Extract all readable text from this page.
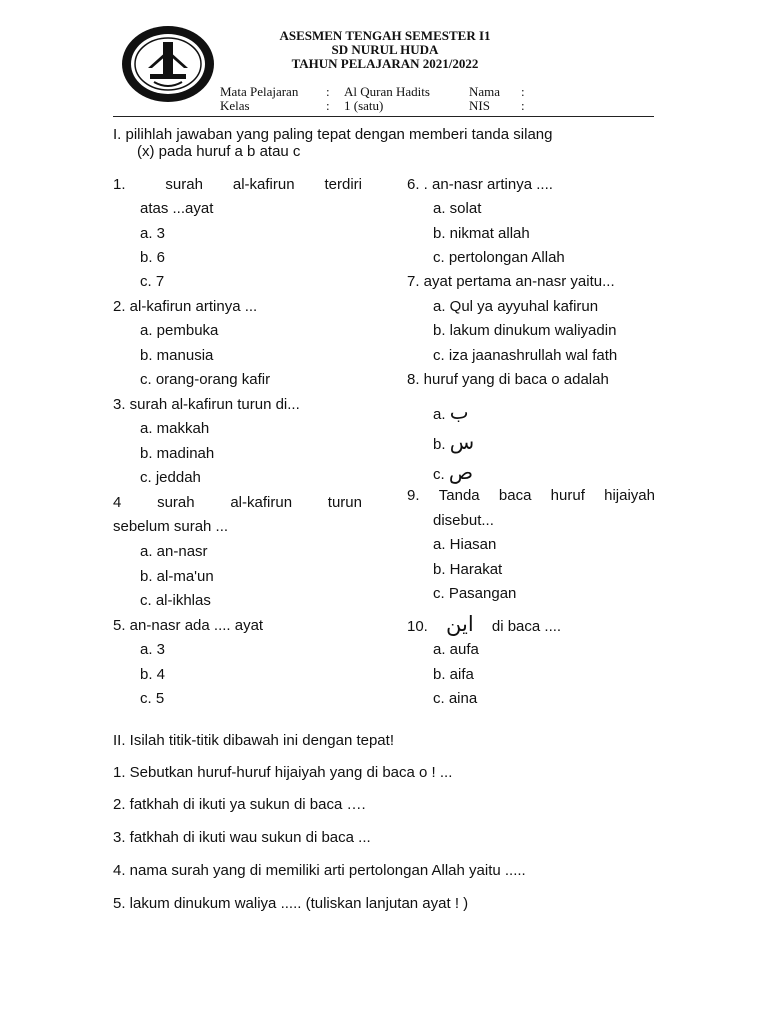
ASESMEN TENGAH SEMESTER I1
SD NURUL HUDA
TAHUN PELAJARAN 2021/2022
Mata Pelajaran : Al Quran Hadits	Nama :
Kelas	: 1 (satu)	NIS :
I. pilihlah jawaban yang paling tepat dengan memberi tanda silang
(x) pada huruf a b atau c
1.	surah al-kafirun terdiri
atas ...ayat
a. 3
b. 6
c. 7
2. al-kafirun artinya ...
a. pembuka
b. manusia
c. orang-orang kafir
3. surah al-kafirun turun di...
a. makkah
b. madinah
c. jeddah
4 surah al-kafirun turun
sebelum surah ...
a. an-nasr
b. al-ma'un
c. al-ikhlas
5. an-nasr ada .... ayat
a. 3
b. 4
c. 5
6. . an-nasr artinya ....
a. solat
b. nikmat allah
c. pertolongan Allah
7. ayat pertama an-nasr yaitu...
a. Qul ya ayyuhal kafirun
b. lakum dinukum waliyadin
c. iza jaanashrullah wal fath
8. huruf yang di baca o adalah
a. ب
b. س
c. ص
9. Tanda baca huruf hijaiyah
disebut...
a. Hiasan
b. Harakat
c. Pasangan
10. اين di baca ....
a. aufa
b. aifa
c. aina
II. Isilah titik-titik dibawah ini dengan tepat!
1. Sebutkan huruf-huruf hijaiyah yang di baca o ! ...
2. fatkhah di ikuti ya sukun di baca ….
3. fatkhah di ikuti wau sukun di baca ...
4. nama surah yang di memiliki arti pertolongan Allah yaitu .....
5. lakum dinukum waliya ..... (tuliskan lanjutan ayat ! )
